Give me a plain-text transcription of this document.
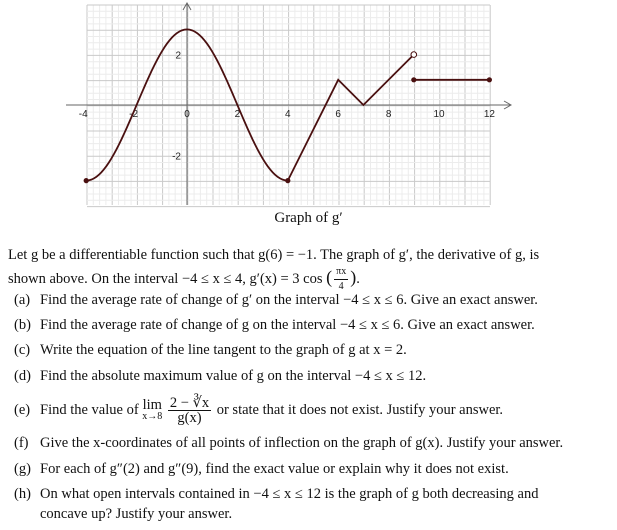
-4	-2	0	2	4	6	8	10	12
2
-2
Graph of g′
Let g be a differentiable function such that g(6) = −1. The graph of g′, the derivative of g, is
shown above. On the interval −4 ≤ x ≤ 4, g′(x) = 3 cos ( $\frac{\pi x}{4}$ ).
(a) Find the average rate of change of g′ on the interval −4 ≤ x ≤ 6. Give an exact answer.
(b) Find the average rate of change of g on the interval −4 ≤ x ≤ 6. Give an exact answer.
(c) Write the equation of the line tangent to the graph of g at x = 2.
(d) Find the absolute maximum value of g on the interval −4 ≤ x ≤ 12.
(e) Find the value of lim
x→8
$\frac{2 - ∛x}{g(x)}$ or state that it does not exist. Justify your answer.
(f) Give the x-coordinates of all points of inflection on the graph of g(x). Justify your answer.
(g) For each of g″(2) and g″(9), find the exact value or explain why it does not exist.
(h) On what open intervals contained in −4 ≤ x ≤ 12 is the graph of g both decreasing and
concave up? Justify your answer.
